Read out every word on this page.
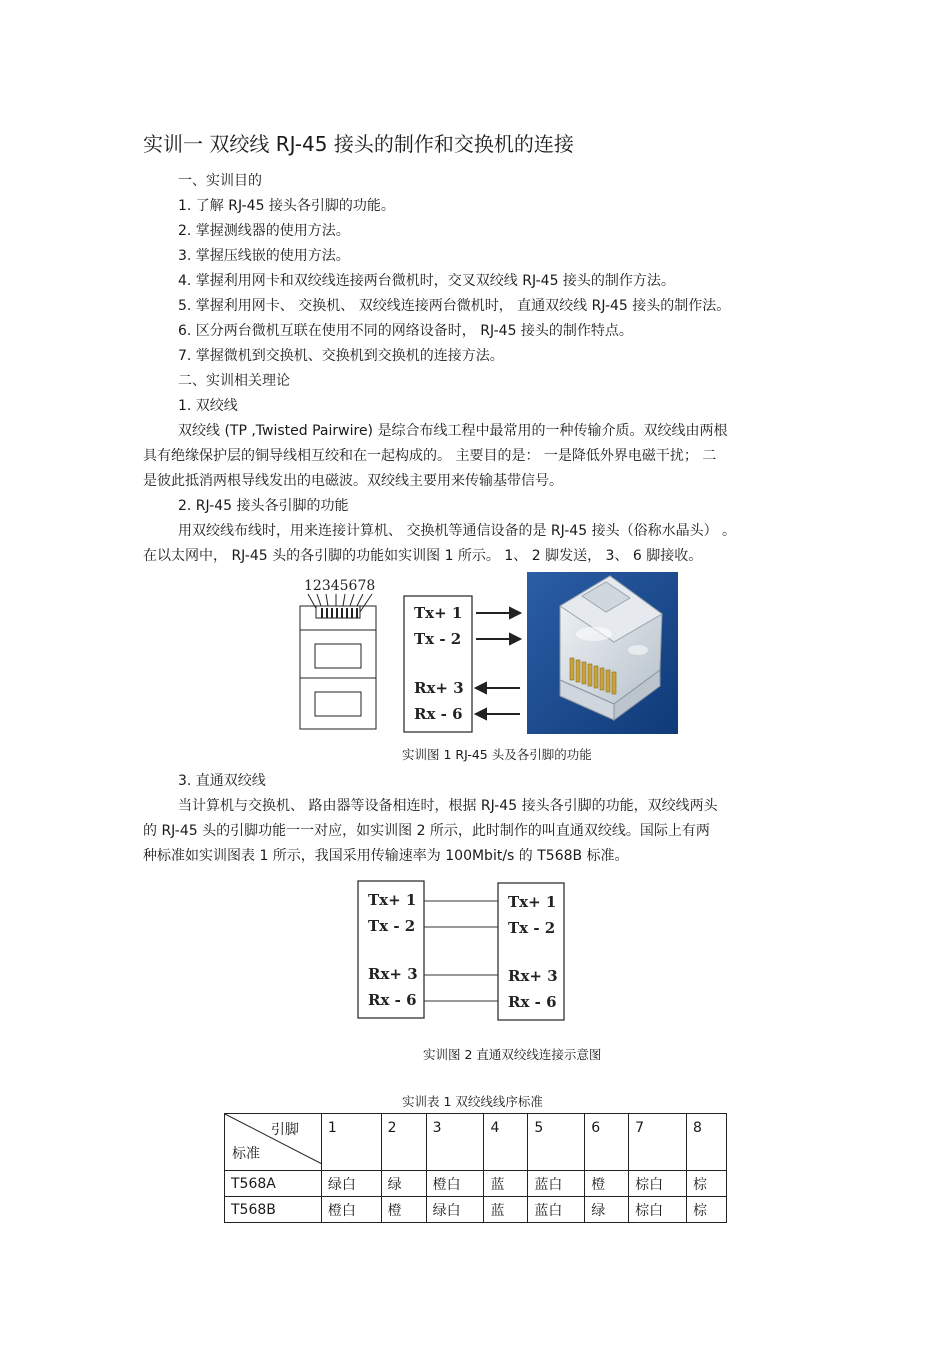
实训一 双绞线 RJ-45 接头的制作和交换机的连接
一、实训目的
1. 了解 RJ-45 接头各引脚的功能。
2. 掌握测线器的使用方法。
3. 掌握压线嵌的使用方法。
4. 掌握利用网卡和双绞线连接两台微机时，交叉双绞线 RJ-45 接头的制作方法。
5. 掌握利用网卡、 交换机、 双绞线连接两台微机时， 直通双绞线 RJ-45 接头的制作法。
6. 区分两台微机互联在使用不同的网络设备时， RJ-45 接头的制作特点。
7. 掌握微机到交换机、交换机到交换机的连接方法。
二、实训相关理论
1. 双绞线
双绞线 (TP ,Twisted Pairwire) 是综合布线工程中最常用的一种传输介质。双绞线由两根
具有绝缘保护层的铜导线相互绞和在一起构成的。 主要目的是： 一是降低外界电磁干扰； 二
是彼此抵消两根导线发出的电磁波。双绞线主要用来传输基带信号。
2. RJ-45 接头各引脚的功能
用双绞线布线时，用来连接计算机、 交换机等通信设备的是 RJ-45 接头（俗称水晶头） 。
在以太网中， RJ-45 头的各引脚的功能如实训图 1 所示。 1、 2 脚发送， 3、 6 脚接收。
12345678
Tx+ 1
Tx - 2
Rx+ 3
Rx - 6
实训图 1 RJ-45 头及各引脚的功能
3. 直通双绞线
当计算机与交换机、 路由器等设备相连时，根据 RJ-45 接头各引脚的功能，双绞线两头
的 RJ-45 头的引脚功能一一对应，如实训图 2 所示，此时制作的叫直通双绞线。国际上有两
种标准如实训图表 1 所示，我国采用传输速率为 100Mbit/s 的 T568B 标准。
Tx+ 1
Tx - 2
Rx+ 3
Rx - 6
Tx+ 1
Tx - 2
Rx+ 3
Rx - 6
实训图 2 直通双绞线连接示意图
实训表 1 双绞线线序标准
引脚
标准	1	2	3	4	5	6	7	8
T568A	绿白	绿	橙白	蓝	蓝白	橙	棕白	棕
T568B	橙白	橙	绿白	蓝	蓝白	绿	棕白	棕
